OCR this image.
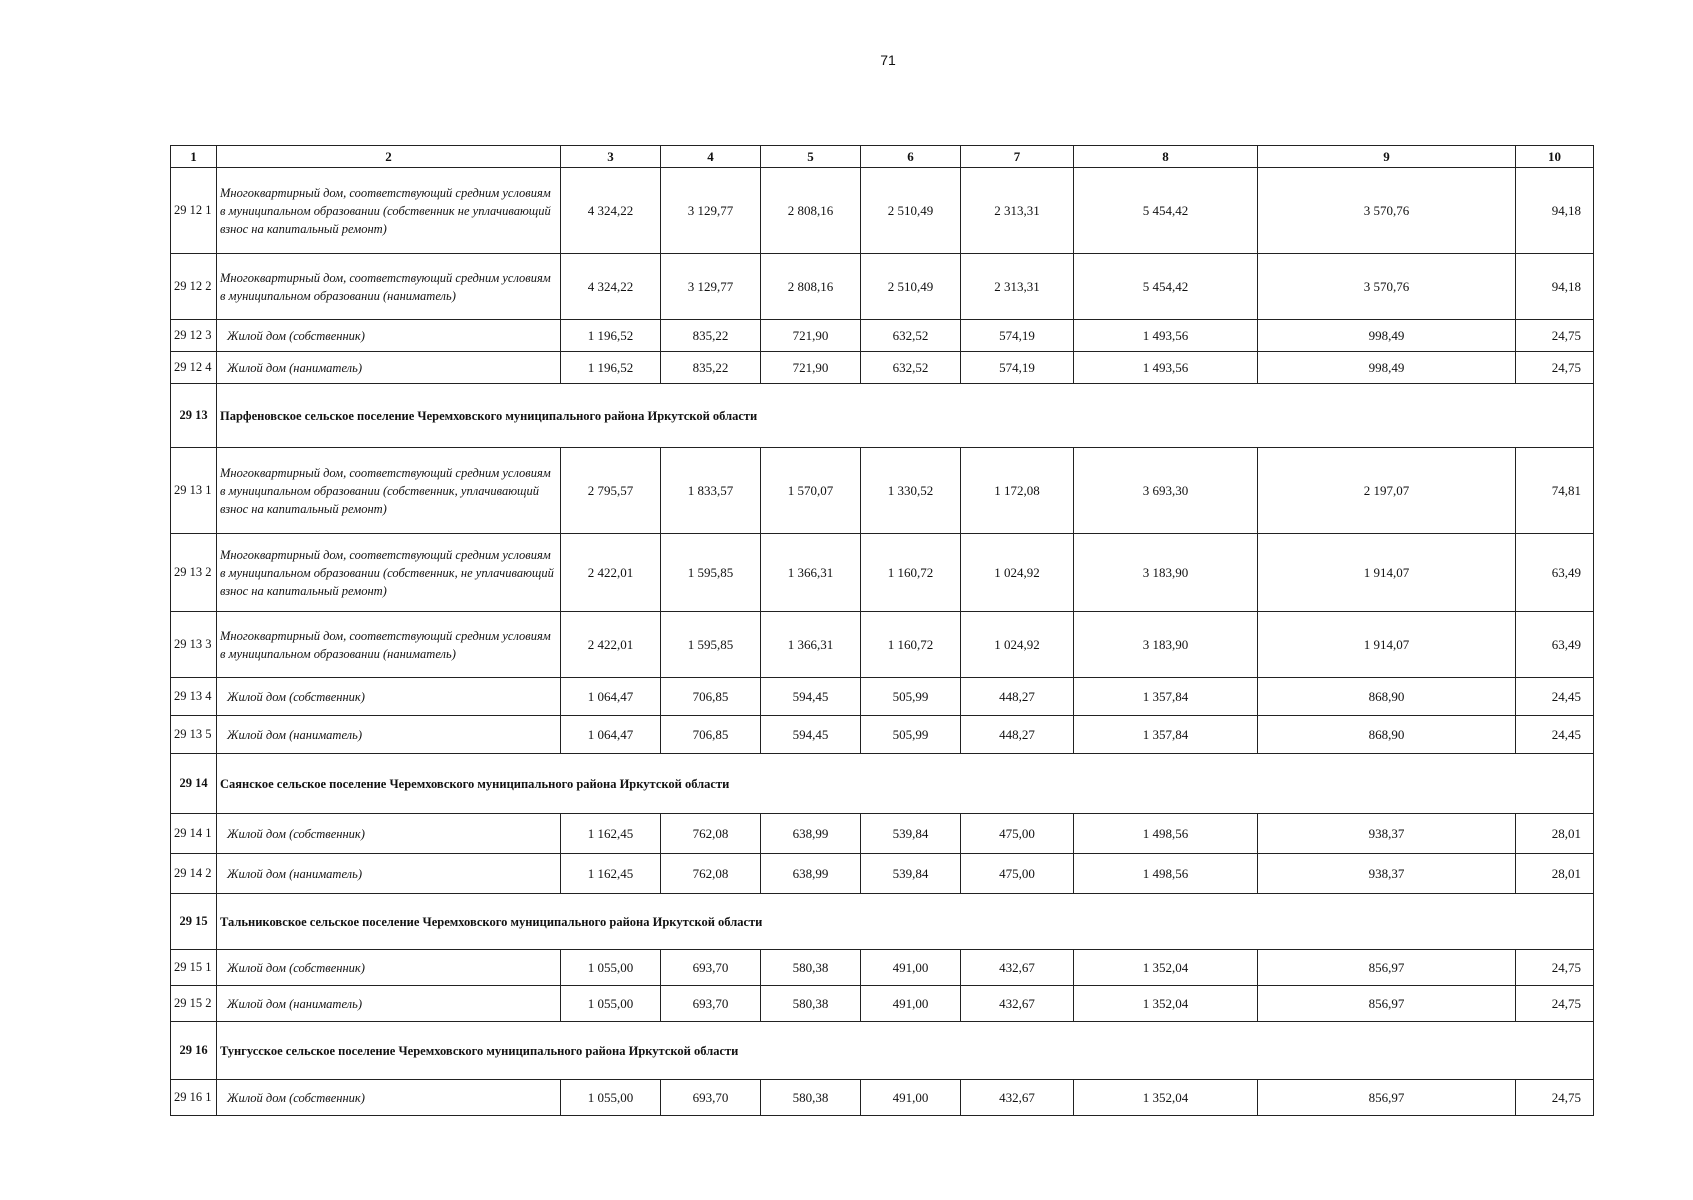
71
1	2	3	4	5	6	7	8	9	10
29 12 1	Многоквартирный дом, соответствующий средним условиям в муниципальном образовании (собственник не уплачивающий взнос на капитальный ремонт)	4 324,22	3 129,77	2 808,16	2 510,49	2 313,31	5 454,42	3 570,76	94,18
29 12 2	Многоквартирный дом, соответствующий средним условиям в муниципальном образовании (наниматель)	4 324,22	3 129,77	2 808,16	2 510,49	2 313,31	5 454,42	3 570,76	94,18
29 12 3	Жилой дом (собственник)	1 196,52	835,22	721,90	632,52	574,19	1 493,56	998,49	24,75
29 12 4	Жилой дом (наниматель)	1 196,52	835,22	721,90	632,52	574,19	1 493,56	998,49	24,75
29 13	Парфеновское сельское поселение Черемховского муниципального района Иркутской области								
29 13 1	Многоквартирный дом, соответствующий средним условиям в муниципальном образовании (собственник, уплачивающий взнос на капитальный ремонт)	2 795,57	1 833,57	1 570,07	1 330,52	1 172,08	3 693,30	2 197,07	74,81
29 13 2	Многоквартирный дом, соответствующий средним условиям в муниципальном образовании (собственник, не уплачивающий взнос на капитальный ремонт)	2 422,01	1 595,85	1 366,31	1 160,72	1 024,92	3 183,90	1 914,07	63,49
29 13 3	Многоквартирный дом, соответствующий средним условиям в муниципальном образовании (наниматель)	2 422,01	1 595,85	1 366,31	1 160,72	1 024,92	3 183,90	1 914,07	63,49
29 13 4	Жилой дом (собственник)	1 064,47	706,85	594,45	505,99	448,27	1 357,84	868,90	24,45
29 13 5	Жилой дом (наниматель)	1 064,47	706,85	594,45	505,99	448,27	1 357,84	868,90	24,45
29 14	Саянское сельское поселение Черемховского муниципального района Иркутской области								
29 14 1	Жилой дом (собственник)	1 162,45	762,08	638,99	539,84	475,00	1 498,56	938,37	28,01
29 14 2	Жилой дом (наниматель)	1 162,45	762,08	638,99	539,84	475,00	1 498,56	938,37	28,01
29 15	Тальниковское сельское поселение Черемховского муниципального района Иркутской области								
29 15 1	Жилой дом (собственник)	1 055,00	693,70	580,38	491,00	432,67	1 352,04	856,97	24,75
29 15 2	Жилой дом (наниматель)	1 055,00	693,70	580,38	491,00	432,67	1 352,04	856,97	24,75
29 16	Тунгусское сельское поселение Черемховского муниципального района Иркутской области								
29 16 1	Жилой дом (собственник)	1 055,00	693,70	580,38	491,00	432,67	1 352,04	856,97	24,75
